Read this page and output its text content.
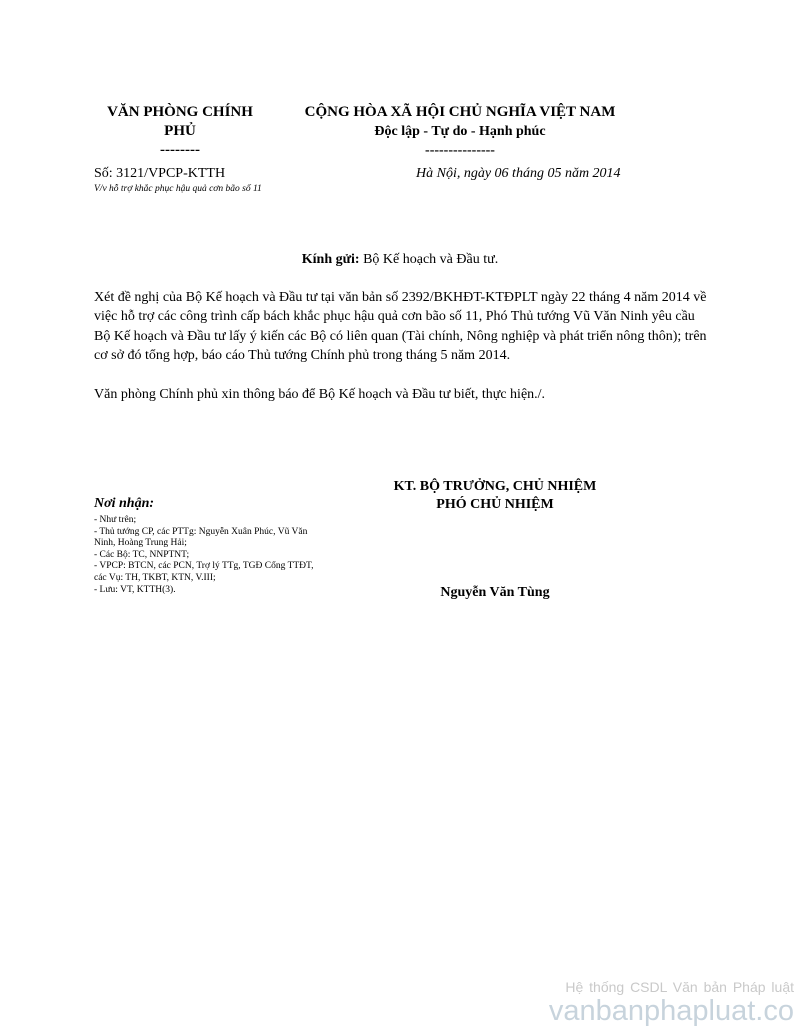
VĂN PHÒNG CHÍNH
PHỦ
--------
CỘNG HÒA XÃ HỘI CHỦ NGHĨA VIỆT NAM
Độc lập - Tự do - Hạnh phúc
---------------
Số: 3121/VPCP-KTTH
V/v hỗ trợ khắc phục hậu quả cơn bão số 11
Hà Nội, ngày 06 tháng 05 năm 2014
Kính gửi: Bộ Kế hoạch và Đầu tư.

Xét đề nghị của Bộ Kế hoạch và Đầu tư tại văn bản số 2392/BKHĐT-KTĐPLT ngày 22 tháng 4 năm 2014 về việc hỗ trợ các công trình cấp bách khắc phục hậu quả cơn bão số 11, Phó Thủ tướng Vũ Văn Ninh yêu cầu Bộ Kế hoạch và Đầu tư lấy ý kiến các Bộ có liên quan (Tài chính, Nông nghiệp và phát triển nông thôn); trên cơ sở đó tổng hợp, báo cáo Thủ tướng Chính phủ trong tháng 5 năm 2014.

Văn phòng Chính phủ xin thông báo để Bộ Kế hoạch và Đầu tư biết, thực hiện./.

KT. BỘ TRƯỞNG, CHỦ NHIỆM
PHÓ CHỦ NHIỆM
Nguyễn Văn Tùng
Nơi nhận:
- Như trên;
- Thủ tướng CP, các PTTg: Nguyễn Xuân Phúc, Vũ Văn Ninh, Hoàng Trung Hải;
- Các Bộ: TC, NNPTNT;
- VPCP: BTCN, các PCN, Trợ lý TTg, TGĐ Cổng TTĐT, các Vụ: TH, TKBT, KTN, V.III;
- Lưu: VT, KTTH(3).
Hệ thống CSDL Văn bản Pháp luật
vanbanphapluat.co
